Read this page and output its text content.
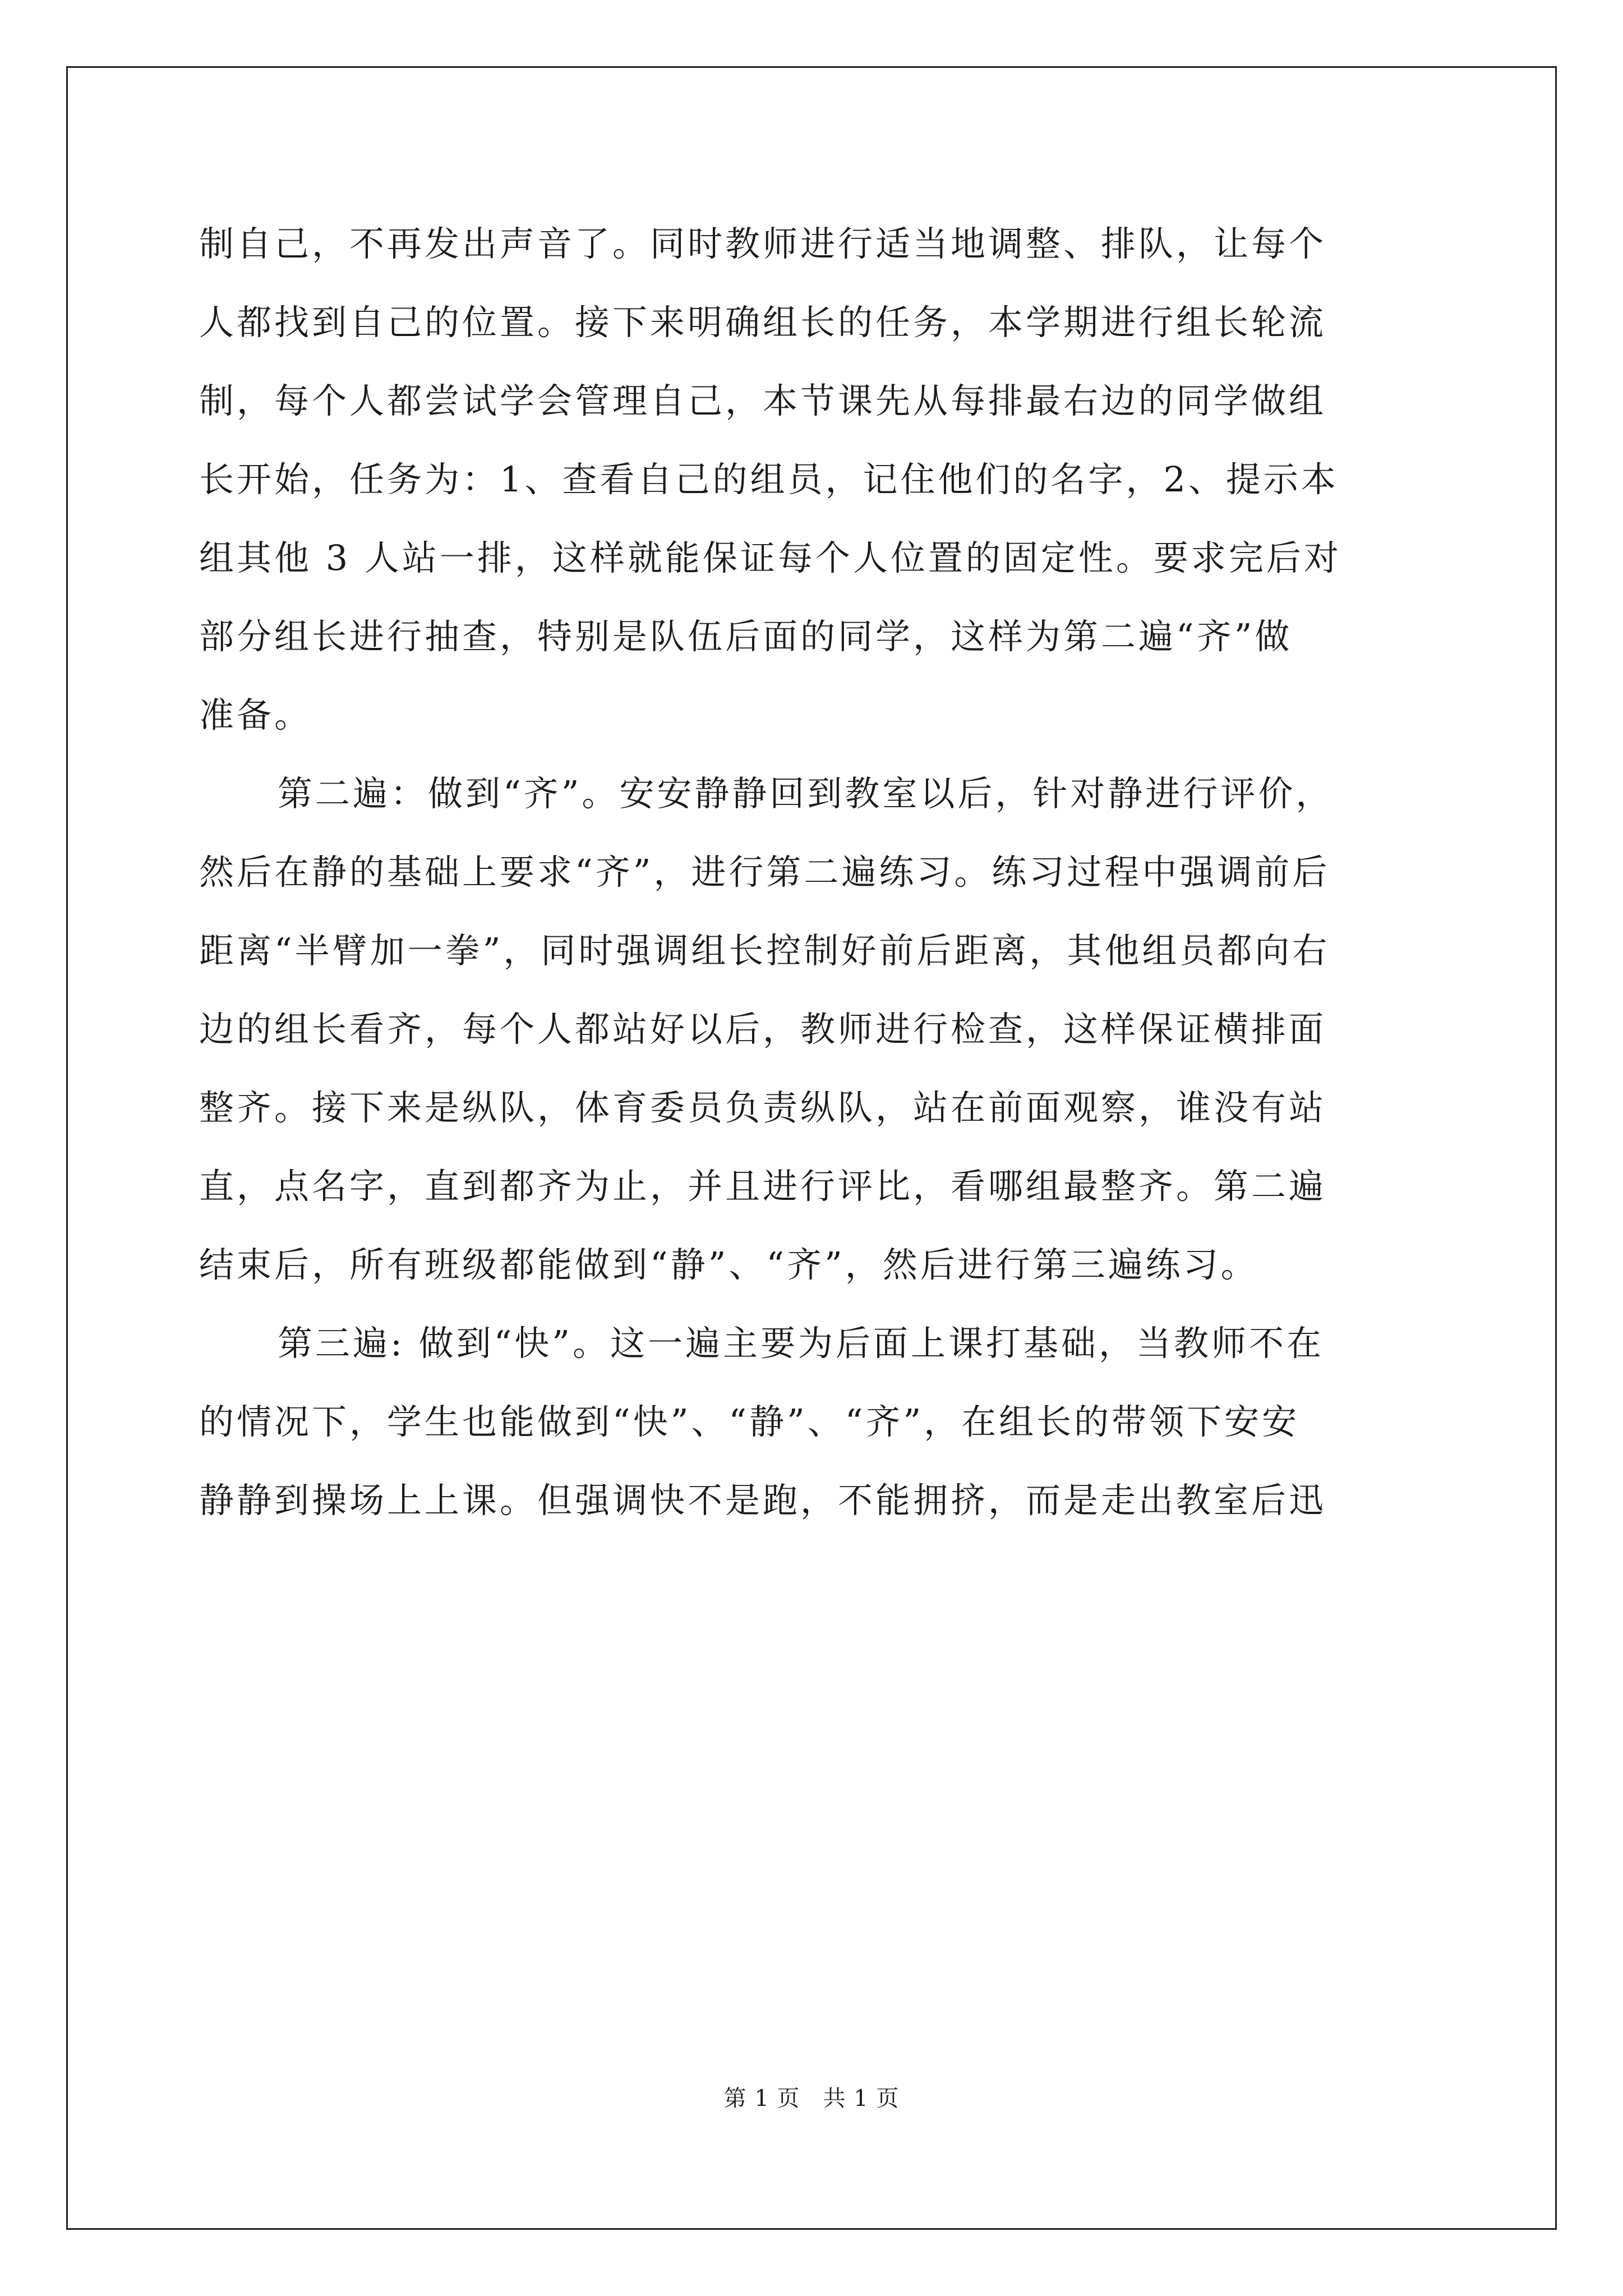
制自己，不再发出声音了。同时教师进行适当地调整、排队，让每个
人都找到自己的位置。接下来明确组长的任务，本学期进行组长轮流
制，每个人都尝试学会管理自己，本节课先从每排最右边的同学做组
长开始，任务为：1、查看自己的组员，记住他们的名字，2、提示本
组其他 3 人站一排，这样就能保证每个人位置的固定性。要求完后对
部分组长进行抽查，特别是队伍后面的同学，这样为第二遍“齐”做
准备。
第二遍：做到“齐”。安安静静回到教室以后，针对静进行评价，
然后在静的基础上要求“齐”，进行第二遍练习。练习过程中强调前后
距离“半臂加一拳”，同时强调组长控制好前后距离，其他组员都向右
边的组长看齐，每个人都站好以后，教师进行检查，这样保证横排面
整齐。接下来是纵队，体育委员负责纵队，站在前面观察，谁没有站
直，点名字，直到都齐为止，并且进行评比，看哪组最整齐。第二遍
结束后，所有班级都能做到“静”、“齐”，然后进行第三遍练习。
第三遍: 做到“快”。这一遍主要为后面上课打基础，当教师不在
的情况下，学生也能做到“快”、“静”、“齐”，在组长的带领下安安
静静到操场上上课。但强调快不是跑，不能拥挤，而是走出教室后迅
第 1 页　共 1 页
